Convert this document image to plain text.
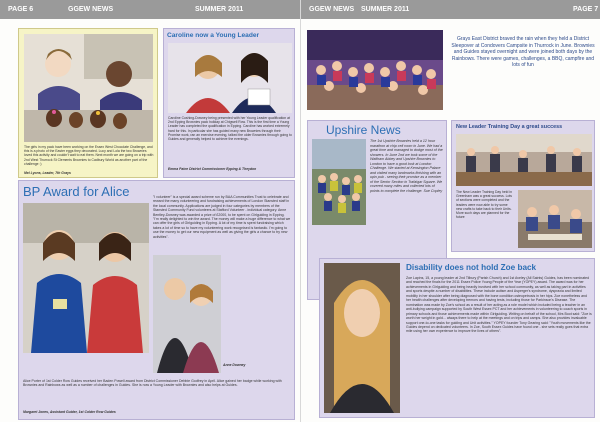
PAGE 6	GGEW NEWS	SUMMER 2011
The girls in my pack have been working on the Essex West Chocolate Challenge, and this is a photo of the Easter eggs they decorated. Lucy and Lola the two Brownies loved this activity and couldn't wait to eat them. Next month we are going on a trip with 2nd West Thurrock St Clements Brownies to Cadbury World as another part of the challenge :)
Mel Lyons, Leader, 7th Grays
Caroline now a Young Leader
Caroline Cushing-Downey being presented with her Young Leader qualification at 2nd Epping Brownies pack holiday at Chigwell Row. This is the first time a Young Leader has completed the qualification in Epping. Caroline has worked extremely hard for this. In particular she has guided many new Brownies through their Promise work, ran an exercise evening, talked the older Brownies through going to Guides and generally helped to achieve the evenings.
Emma Paine District Commissioner Epping & Theydon
BP Award for Alice	"I volunteer" is a special award scheme run by BAA Communities Trust to celebrate and reward the many volunteering and fundraising achievements of London Stansted staff in the local community. Applications are judged in four categories by members of the Stansted Community Fund volunteers at Stafford Volunteer - individual category. Anne Bentley-Downey was awarded a prize of £2000, to be spent on Girlguiding in Epping. "I'm really delighted to win the award. The money will make a huge difference to what we can offer the girls of Girlguiding in Epping. A lot of my time is spent fundraising which takes a lot of time so to have my volunteering work recognised is fantastic. I'm going to use the money to get our new equipment as well as giving the girls a chance to try new activities".
Anne Downey
Alice Porter of 1st Colder Row Guides received her Baden Powell award from District Commissioner Debbie Godfrey in April. Alice gained her badge while working with Brownies and Rainbows as well as a number of challenges in Guides. She is now a Young Leader with Brownies and also helps at Guides.
Margaret Jones, Assistant Guider, 1st Colder Row Guides
GGEW NEWS SUMMER 2011	PAGE 7
Grays East District braved the rain when they held a District Sleepover at Condovers Campsite in Thurrock in June. Brownies and Guides stayed overnight and were joined both days by the Rainbows. There were games, challenges, a BBQ, campfire and lots of fun
Upshire News
The 1st Upshire Brownies held a 12 hour marathon at chip cell room in June. We had a great time and managed to dodge most of the showers. In June 2nd we took some of the Waltham Abbey and Upshire Brownies to London to have a good look at London Challenge. We started at Kensington Palace and visited many landmarks finishing with an upin pub - seeing their promise as a member of the Senior Section in Trafalgar Square. We covered many miles and collected lots of points to complete the challenge. Sue Copley
New Leader Training Day a great success
The New Leader Training Day held in Greenham was a great success. Lots of sections were completed and the leaders were now able to try some new crafts to take back to their Units. More such days are planned for the future
Disability does not hold Zoe back
Zoe Lapins, 15, a young leader at 2nd Tilbury (Parish Church) and 1st Aveley (All Saints) Guides, has been nominated and reached the finals for the 2011 Essex Police Young People of the Year (YOPEY) award. The award was for her achievements in Girlguiding and being heavily involved with her school community, as well as taking part in activities and sports despite a number of disabilities. These include autism and Asperger's syndrome, dyspraxia and limited mobility in her shoulder after being diagnosed with the bone condition osteopetrosis in her hips. Zoe nonetheless and her health challenges after developing tremors and having tests, including those for Parkinson's Disease. The nomination was made by Zoe's school as a result of her acting as a role model which included being a teacher in an anti-bullying campaign supported by South West Essex PCT and her achievements in volunteering to coach sports in primary schools and those achievements made within Girlguiding. Writing on behalf of the school, Mrs Boot said: "Zoe is worth her weight in gold... always there to help at the meetings and on trips and camps. She also provides invaluable support one-to-one tasks for guiding and Unit activities." YOPEY founder Tony Gearing said: "Youth movements like the Guides depend on dedicated volunteers. In Zoe, South Essex Guides have found one - she sets really goes that extra mile using her own experience to improve the lives of others".
